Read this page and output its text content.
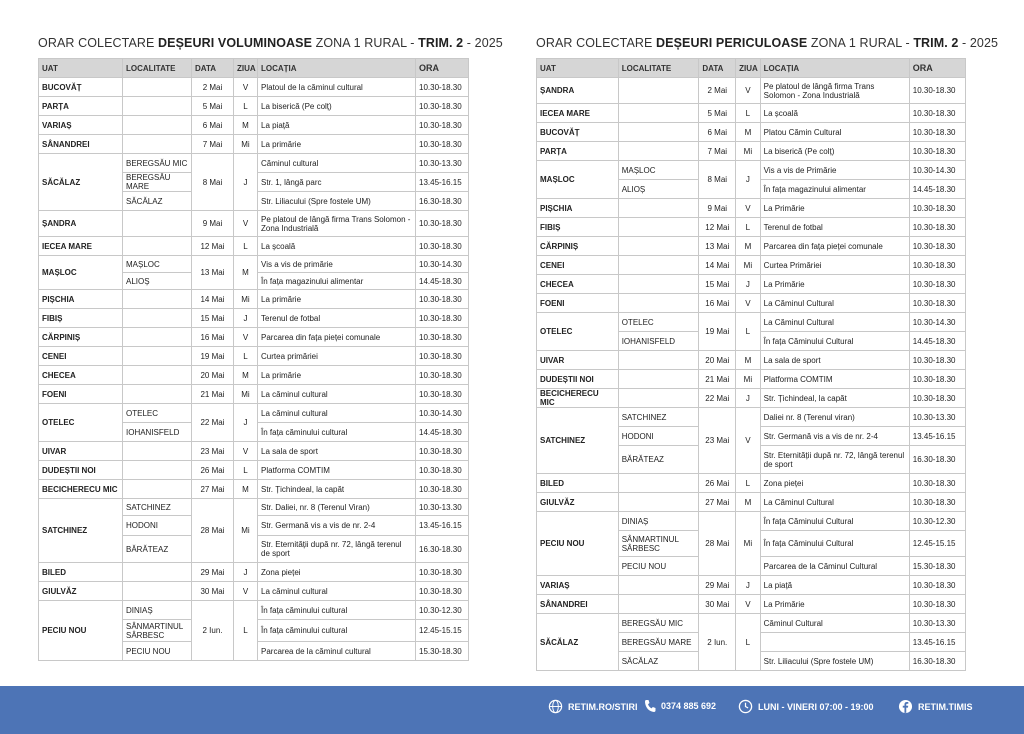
ORAR COLECTARE DEȘEURI VOLUMINOASE ZONA 1 RURAL - TRIM. 2 - 2025
UAT	LOCALITATE	DATA	ZIUA	LOCAȚIA	ORA
BUCOVĂȚ		2 Mai	V	Platoul de la căminul cultural	10.30-18.30
PARȚA		5 Mai	L	La biserică (Pe colț)	10.30-18.30
VARIAȘ		6 Mai	M	La piață	10.30-18.30
SÂNANDREI		7 Mai	Mi	La primărie	10.30-18.30
SĂCĂLAZ	BEREGSĂU MIC	8 Mai	J	Căminul cultural	10.30-13.30
	BEREGSĂU MARE			Str. 1, lângă parc	13.45-16.15
	SĂCĂLAZ			Str. Liliacului (Spre fostele UM)	16.30-18.30
ȘANDRA		9 Mai	V	Pe platoul de lângă firma Trans Solomon - Zona Industrială	10.30-18.30
IECEA MARE		12 Mai	L	La școală	10.30-18.30
MAȘLOC	MAȘLOC	13 Mai	M	Vis a vis de primărie	10.30-14.30
	ALIOȘ			În fața magazinului alimentar	14.45-18.30
PIȘCHIA		14 Mai	Mi	La primărie	10.30-18.30
FIBIȘ		15 Mai	J	Terenul de fotbal	10.30-18.30
CĂRPINIȘ		16 Mai	V	Parcarea din fața pieței comunale	10.30-18.30
CENEI		19 Mai	L	Curtea primăriei	10.30-18.30
CHECEA		20 Mai	M	La primărie	10.30-18.30
FOENI		21 Mai	Mi	La căminul cultural	10.30-18.30
OTELEC	OTELEC	22 Mai	J	La căminul cultural	10.30-14.30
	IOHANISFELD			În fața căminului cultural	14.45-18.30
UIVAR		23 Mai	V	La sala de sport	10.30-18.30
DUDEȘTII NOI		26 Mai	L	Platforma COMTIM	10.30-18.30
BECICHERECU MIC		27 Mai	M	Str. Țichindeal, la capăt	10.30-18.30
SATCHINEZ	SATCHINEZ	28 Mai	Mi	Str. Daliei, nr. 8 (Terenul Viran)	10.30-13.30
	HODONI			Str. Germană vis a vis de nr. 2-4	13.45-16.15
	BĂRĂTEAZ			Str. Eternității după nr. 72, lângă terenul de sport	16.30-18.30
BILED		29 Mai	J	Zona pieței	10.30-18.30
GIULVĂZ		30 Mai	V	La căminul cultural	10.30-18.30
PECIU NOU	DINIAȘ	2 Iun.	L	În fața căminului cultural	10.30-12.30
	SÂNMARTINUL SÂRBESC			În fața căminului cultural	12.45-15.15
	PECIU NOU			Parcarea de la căminul cultural	15.30-18.30
ORAR COLECTARE DEȘEURI PERICULOASE ZONA 1 RURAL - TRIM. 2 - 2025
UAT	LOCALITATE	DATA	ZIUA	LOCAȚIA	ORA
ȘANDRA		2 Mai	V	Pe platoul de lângă firma Trans Solomon - Zona Industrială	10.30-18.30
IECEA MARE		5 Mai	L	La școală	10.30-18.30
BUCOVĂȚ		6 Mai	M	Platou Cămin Cultural	10.30-18.30
PARȚA		7 Mai	Mi	La biserică (Pe colț)	10.30-18.30
MAȘLOC	MAȘLOC	8 Mai	J	Vis a vis de Primărie	10.30-14.30
	ALIOȘ			În fața magazinului alimentar	14.45-18.30
PIȘCHIA		9 Mai	V	La Primărie	10.30-18.30
FIBIȘ		12 Mai	L	Terenul de fotbal	10.30-18.30
CĂRPINIȘ		13 Mai	M	Parcarea din fața pieței comunale	10.30-18.30
CENEI		14 Mai	Mi	Curtea Primăriei	10.30-18.30
CHECEA		15 Mai	J	La Primărie	10.30-18.30
FOENI		16 Mai	V	La Căminul Cultural	10.30-18.30
OTELEC	OTELEC	19 Mai	L	La Căminul Cultural	10.30-14.30
	IOHANISFELD			În fața Căminului Cultural	14.45-18.30
UIVAR		20 Mai	M	La sala de sport	10.30-18.30
DUDEȘTII NOI		21 Mai	Mi	Platforma COMTIM	10.30-18.30
BECICHERECU MIC		22 Mai	J	Str. Țichindeal, la capăt	10.30-18.30
SATCHINEZ	SATCHINEZ	23 Mai	V	Daliei nr. 8 (Terenul viran)	10.30-13.30
	HODONI			Str. Germană vis a vis de nr. 2-4	13.45-16.15
	BĂRĂTEAZ			Str. Eternității după nr. 72, lângă terenul de sport	16.30-18.30
BILED		26 Mai	L	Zona pieței	10.30-18.30
GIULVĂZ		27 Mai	M	La Căminul Cultural	10.30-18.30
PECIU NOU	DINIAȘ	28 Mai	Mi	În fața Căminului Cultural	10.30-12.30
	SÂNMARTINUL SÂRBESC			În fața Căminului Cultural	12.45-15.15
	PECIU NOU			Parcarea de la Căminul Cultural	15.30-18.30
VARIAȘ		29 Mai	J	La piață	10.30-18.30
SÂNANDREI		30 Mai	V	La Primărie	10.30-18.30
SĂCĂLAZ	BEREGSĂU MIC	2 Iun.	L	Căminul Cultural	10.30-13.30
	BEREGSĂU MARE				13.45-16.15
	SĂCĂLAZ			Str. Liliacului (Spre fostele UM)	16.30-18.30
RETIM.RO/STIRI	0374 885 692	LUNI - VINERI 07:00 - 19:00	RETIM.TIMIS
